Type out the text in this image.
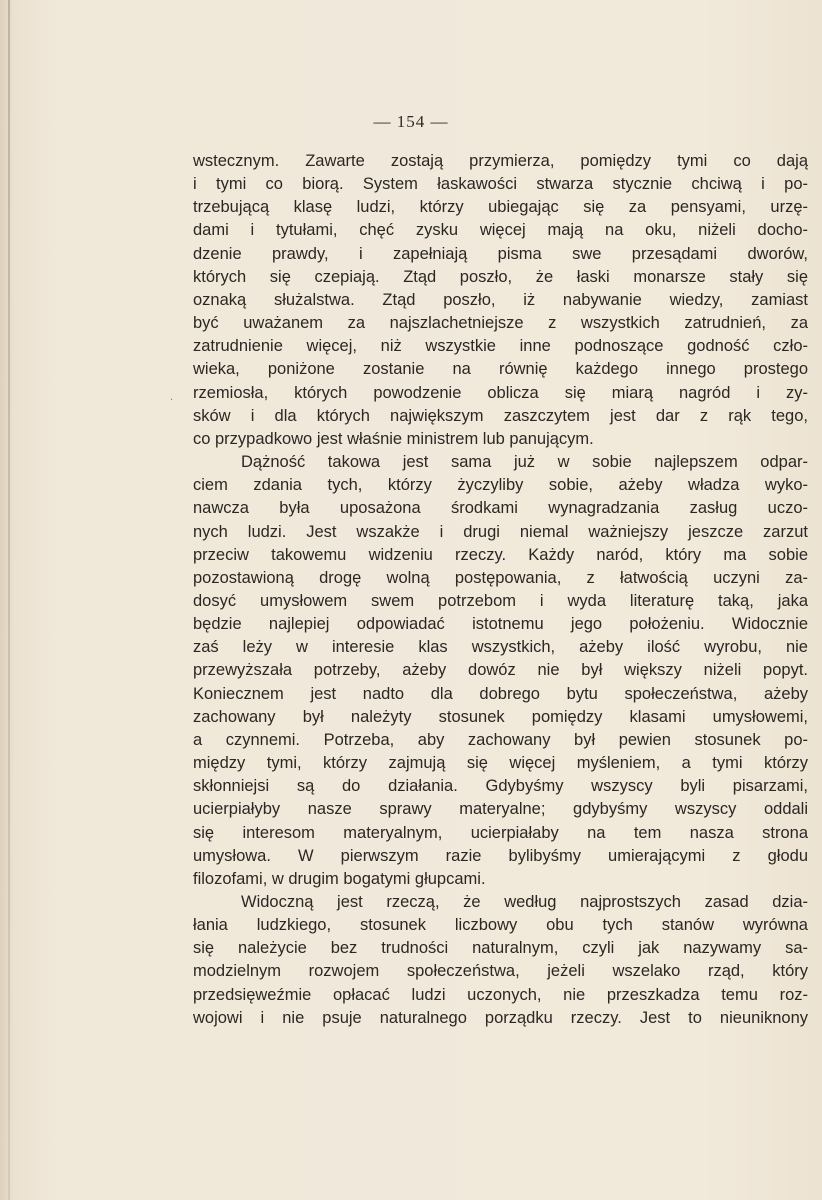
·
— 154 —
wstecznym. Zawarte zostają przymierza, pomiędzy tymi co dają
i tymi co biorą. System łaskawości stwarza stycznie chciwą i po-
trzebującą klasę ludzi, którzy ubiegając się za pensyami, urzę-
dami i tytułami, chęć zysku więcej mają na oku, niżeli docho-
dzenie prawdy, i zapełniają pisma swe przesądami dworów,
których się czepiają. Ztąd poszło, że łaski monarsze stały się
oznaką służalstwa. Ztąd poszło, iż nabywanie wiedzy, zamiast
być uważanem za najszlachetniejsze z wszystkich zatrudnień, za
zatrudnienie więcej, niż wszystkie inne podnoszące godność czło-
wieka, poniżone zostanie na równię każdego innego prostego
rzemiosła, których powodzenie oblicza się miarą nagród i zy-
sków i dla których największym zaszczytem jest dar z rąk tego,
co przypadkowo jest właśnie ministrem lub panującym.
Dążność takowa jest sama już w sobie najlepszem odpar-
ciem zdania tych, którzy życzyliby sobie, ażeby władza wyko-
nawcza była uposażona środkami wynagradzania zasług uczo-
nych ludzi. Jest wszakże i drugi niemal ważniejszy jeszcze zarzut
przeciw takowemu widzeniu rzeczy. Każdy naród, który ma sobie
pozostawioną drogę wolną postępowania, z łatwością uczyni za-
dosyć umysłowem swem potrzebom i wyda literaturę taką, jaka
będzie najlepiej odpowiadać istotnemu jego położeniu. Widocznie
zaś leży w interesie klas wszystkich, ażeby ilość wyrobu, nie
przewyższała potrzeby, ażeby dowóz nie był większy niżeli popyt.
Koniecznem jest nadto dla dobrego bytu społeczeństwa, ażeby
zachowany był należyty stosunek pomiędzy klasami umysłowemi,
a czynnemi. Potrzeba, aby zachowany był pewien stosunek po-
między tymi, którzy zajmują się więcej myśleniem, a tymi którzy
skłonniejsi są do działania. Gdybyśmy wszyscy byli pisarzami,
ucierpiałyby nasze sprawy materyalne; gdybyśmy wszyscy oddali
się interesom materyalnym, ucierpiałaby na tem nasza strona
umysłowa. W pierwszym razie bylibyśmy umierającymi z głodu
filozofami, w drugim bogatymi głupcami.
Widoczną jest rzeczą, że według najprostszych zasad dzia-
łania ludzkiego, stosunek liczbowy obu tych stanów wyrówna
się należycie bez trudności naturalnym, czyli jak nazywamy sa-
modzielnym rozwojem społeczeństwa, jeżeli wszelako rząd, który
przedsięweźmie opłacać ludzi uczonych, nie przeszkadza temu roz-
wojowi i nie psuje naturalnego porządku rzeczy. Jest to nieuniknony
